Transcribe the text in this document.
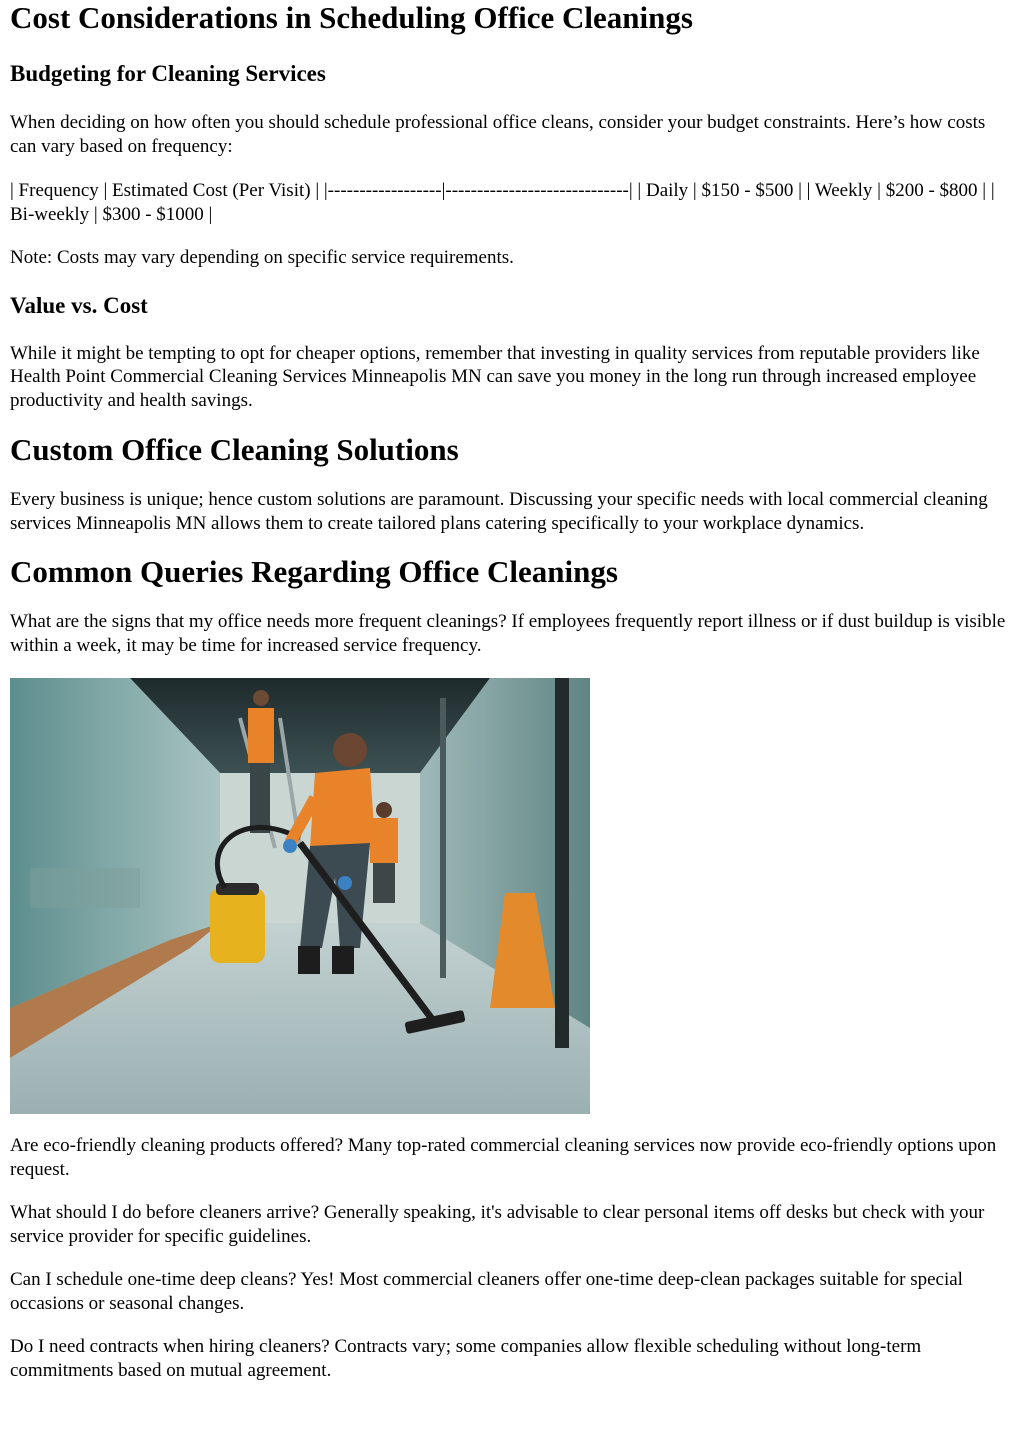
Cost Considerations in Scheduling Office Cleanings
Budgeting for Cleaning Services

When deciding on how often you should schedule professional office cleans, consider your budget constraints. Here’s how costs can vary based on frequency:

| Frequency | Estimated Cost (Per Visit) | |------------------|-----------------------------| | Daily | $150 - $500 | | Weekly | $200 - $800 | | Bi-weekly | $300 - $1000 |

Note: Costs may vary depending on specific service requirements.

Value vs. Cost

While it might be tempting to opt for cheaper options, remember that investing in quality services from reputable providers like Health Point Commercial Cleaning Services Minneapolis MN can save you money in the long run through increased employee productivity and health savings.

Custom Office Cleaning Solutions

Every business is unique; hence custom solutions are paramount. Discussing your specific needs with local commercial cleaning services Minneapolis MN allows them to create tailored plans catering specifically to your workplace dynamics.

Common Queries Regarding Office Cleanings

What are the signs that my office needs more frequent cleanings? If employees frequently report illness or if dust buildup is visible within a week, it may be time for increased service frequency.

Are eco-friendly cleaning products offered? Many top-rated commercial cleaning services now provide eco-friendly options upon request.

What should I do before cleaners arrive? Generally speaking, it's advisable to clear personal items off desks but check with your service provider for specific guidelines.

Can I schedule one-time deep cleans? Yes! Most commercial cleaners offer one-time deep-clean packages suitable for special occasions or seasonal changes.

Do I need contracts when hiring cleaners? Contracts vary; some companies allow flexible scheduling without long-term commitments based on mutual agreement.
